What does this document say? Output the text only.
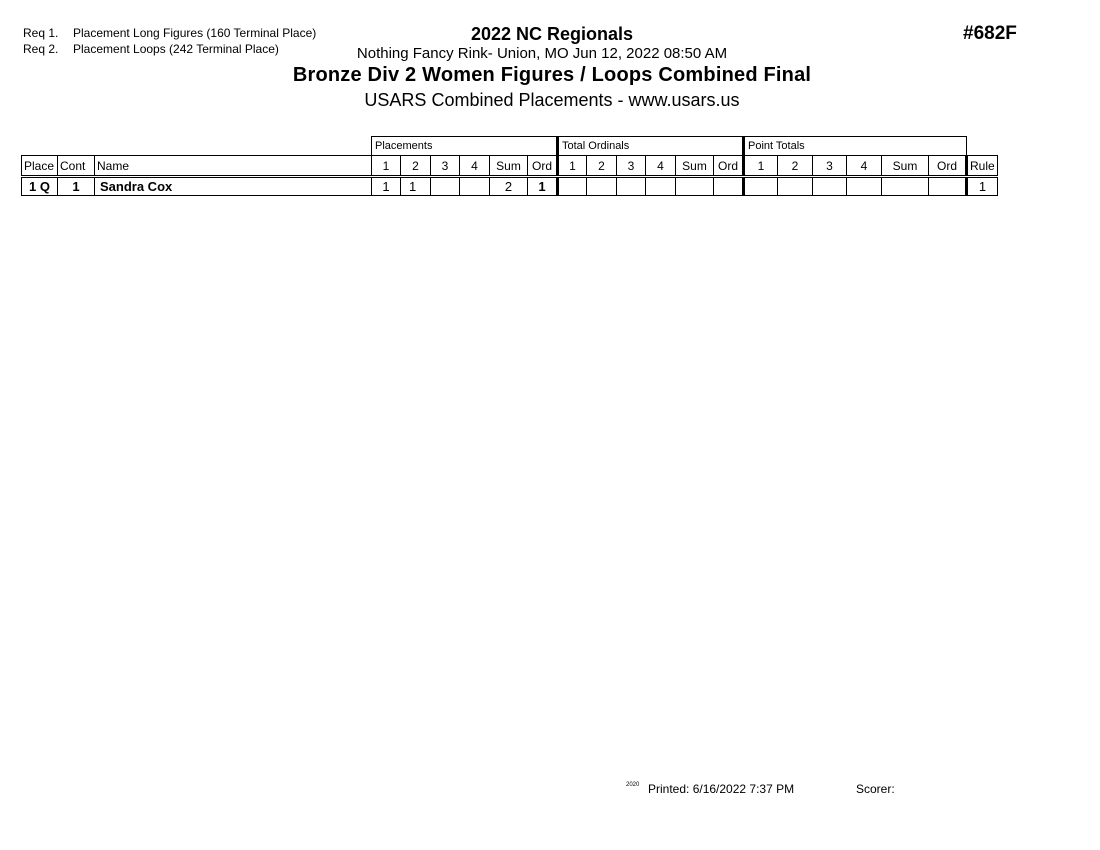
Req 1. Placement Long Figures (160 Terminal Place)
Req 2. Placement Loops (242 Terminal Place)
2022 NC Regionals
Nothing Fancy Rink- Union, MO Jun 12, 2022 08:50 AM
Bronze Div 2 Women Figures / Loops Combined Final
USARS Combined Placements - www.usars.us
#682F
			Placements						Total Ordinals						Point Totals						
Place	Cont	Name	1	2	3	4	Sum	Ord	1	2	3	4	Sum	Ord	1	2	3	4	Sum	Ord	Rule
1 Q	1	Sandra Cox	1	1			2	1													1
2020 Printed: 6/16/2022 7:37 PM	Scorer:
